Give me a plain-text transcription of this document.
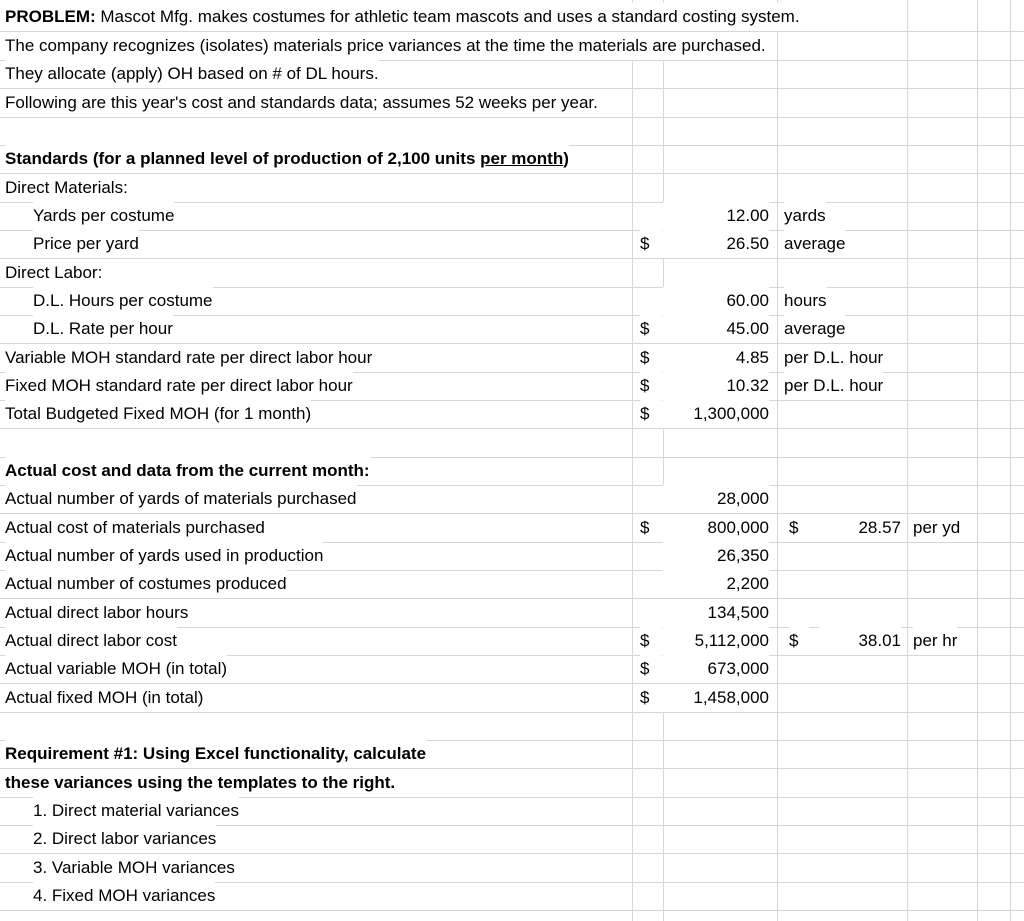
PROBLEM: Mascot Mfg. makes costumes for athletic team mascots and uses a standard costing system.
The company recognizes (isolates) materials price variances at the time the materials are purchased.
They allocate (apply) OH based on # of DL hours.
Following are this year's cost and standards data; assumes 52 weeks per year.
Standards (for a planned level of production of 2,100 units per month)
Direct Materials:
Yards per costume	12.00 yards
Price per yard	$	26.50 average
Direct Labor:
D.L. Hours per costume	60.00 hours
D.L. Rate per hour	$	45.00 average
Variable MOH standard rate per direct labor hour	$	4.85 per D.L. hour
Fixed MOH standard rate per direct labor hour	$	10.32 per D.L. hour
Total Budgeted Fixed MOH (for 1 month)	$	1,300,000
Actual cost and data from the current month:
Actual number of yards of materials purchased	28,000
Actual cost of materials purchased	$	800,000 $	28.57 per yd
Actual number of yards used in production	26,350
Actual number of costumes produced	2,200
Actual direct labor hours	134,500
Actual direct labor cost	$	5,112,000 $	38.01 per hr
Actual variable MOH (in total)	$	673,000
Actual fixed MOH (in total)	$	1,458,000
Requirement #1: Using Excel functionality, calculate
these variances using the templates to the right.
1. Direct material variances
2. Direct labor variances
3. Variable MOH variances
4. Fixed MOH variances
